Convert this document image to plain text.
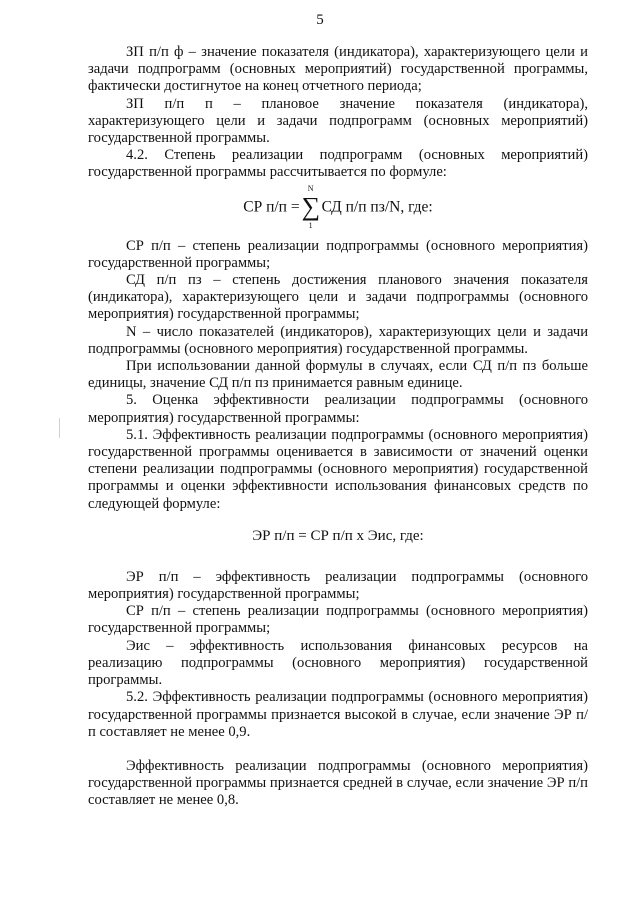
5

ЗП п/п ф – значение показателя (индикатора), характеризующего цели и задачи подпрограмм (основных мероприятий) государственной программы, фактически достигнутое на конец отчетного периода;

ЗП п/п п – плановое значение показателя (индикатора), характеризующего цели и задачи подпрограмм (основных мероприятий) государственной программы.

4.2. Степень реализации подпрограмм (основных мероприятий) государственной программы рассчитывается по формуле:

СР п/п =
N
∑
1
СД п/п пз/N, где:

СР п/п – степень реализации подпрограммы (основного мероприятия) государственной программы;

СД п/п пз – степень достижения планового значения показателя (индикатора), характеризующего цели и задачи подпрограммы (основного мероприятия) государственной программы;

N – число показателей (индикаторов), характеризующих цели и задачи подпрограммы (основного мероприятия) государственной программы.

При использовании данной формулы в случаях, если СД п/п пз больше единицы, значение СД п/п пз принимается равным единице.

5. Оценка эффективности реализации подпрограммы (основного мероприятия) государственной программы:

5.1. Эффективность реализации подпрограммы (основного мероприятия) государственной программы оценивается в зависимости от значений оценки степени реализации подпрограммы (основного мероприятия) государственной программы и оценки эффективности использования финансовых средств по следующей формуле:

ЭР п/п = СР п/п х Эис, где:

ЭР п/п – эффективность реализации подпрограммы (основного мероприятия) государственной программы;

СР п/п – степень реализации подпрограммы (основного мероприятия) государственной программы;

Эис – эффективность использования финансовых ресурсов на реализацию подпрограммы (основного мероприятия) государственной программы.

5.2. Эффективность реализации подпрограммы (основного мероприятия) государственной программы признается высокой в случае, если значение ЭР п/п составляет не менее 0,9.

Эффективность реализации подпрограммы (основного мероприятия) государственной программы признается средней в случае, если значение ЭР п/п составляет не менее 0,8.
